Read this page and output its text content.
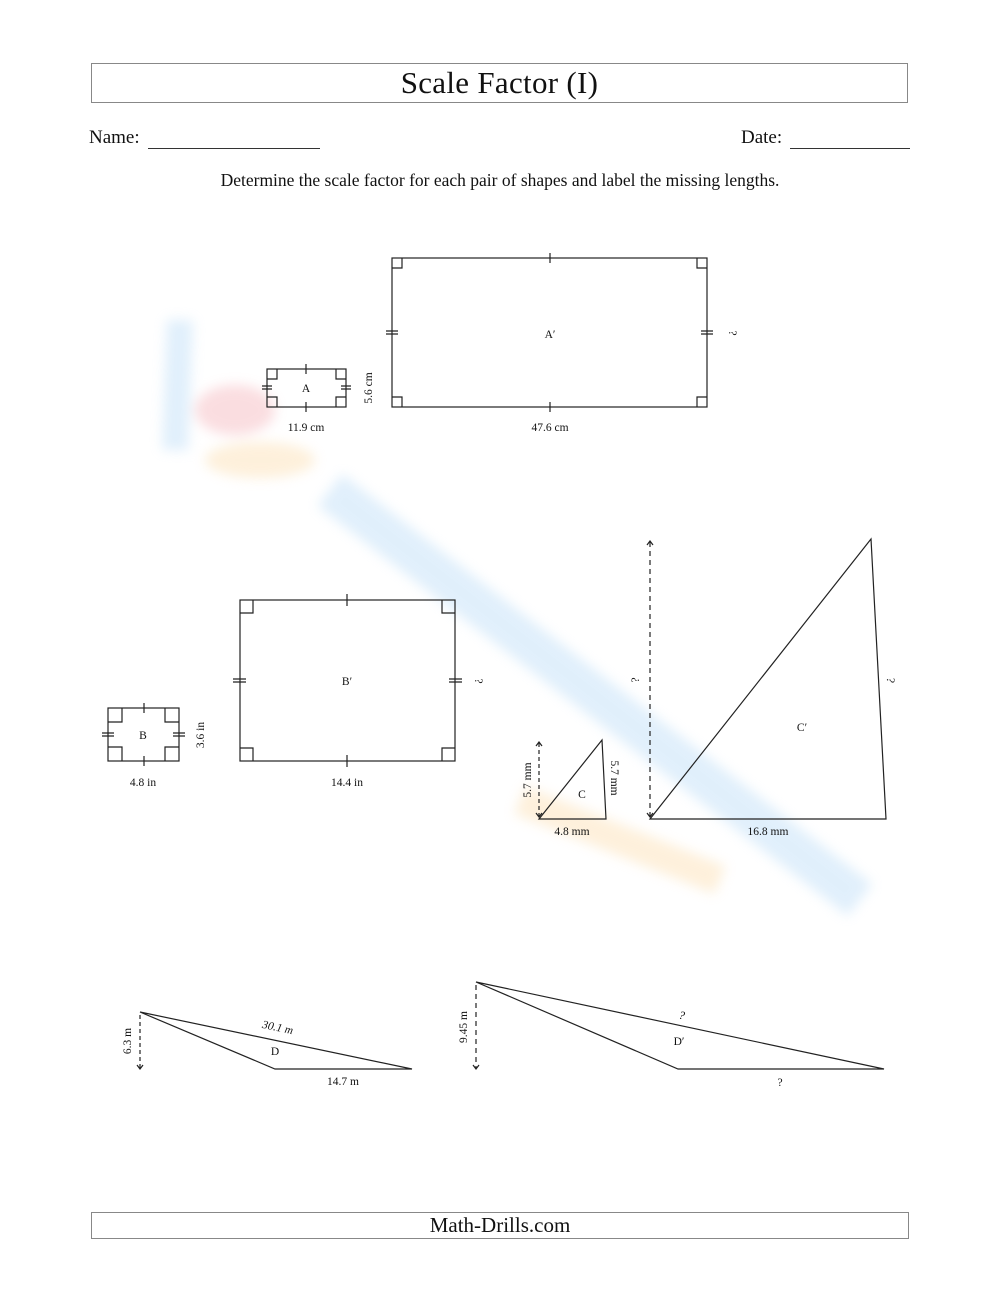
Scale Factor (I)
Name:	Date:
Determine the scale factor for each pair of shapes and label the missing lengths.
A
11.9 cm
5.6 cm
A′
47.6 cm
?
B
4.8 in
3.6 in
B′
14.4 in
?
C
4.8 mm
5.7 mm	5.7 mm
C′
16.8 mm
?	?
D
14.7 m
30.1 m
6.3 m	D′
?
?
9.45 m
Math-Drills.com
